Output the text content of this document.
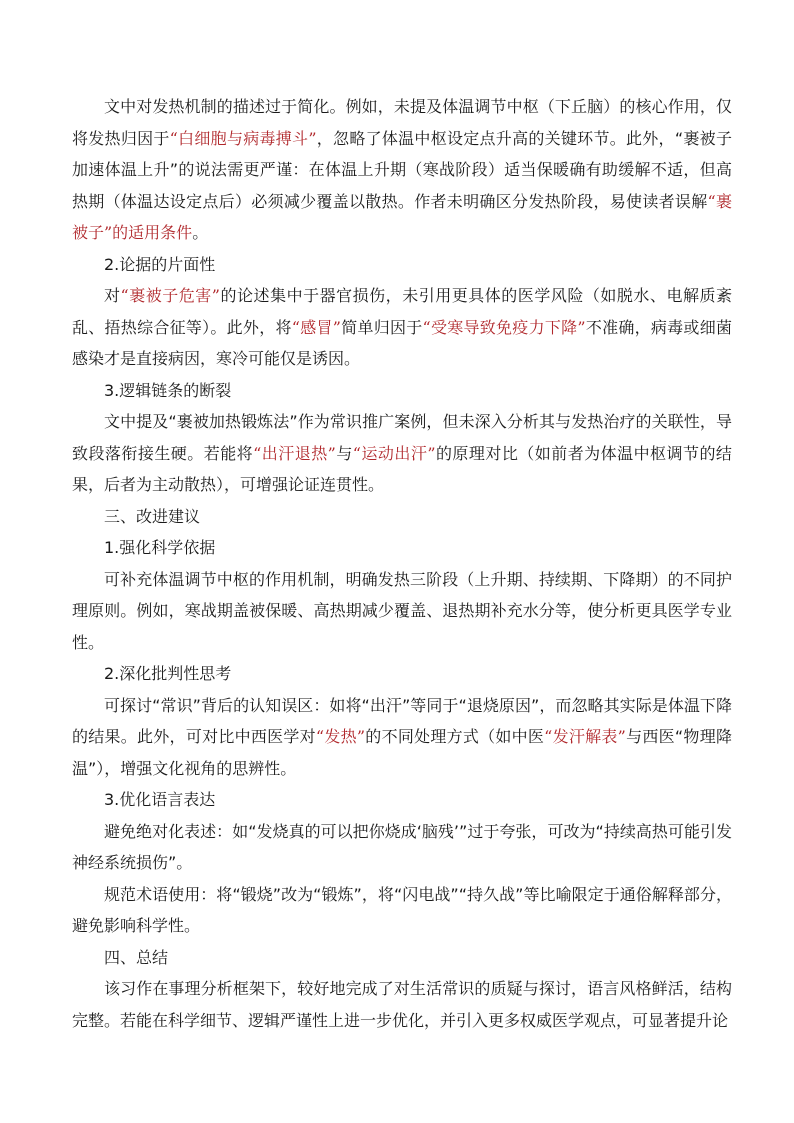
文中对发热机制的描述过于简化。例如，未提及体温调节中枢（下丘脑）的核心作用，仅将发热归因于“白细胞与病毒搏斗”，忽略了体温中枢设定点升高的关键环节。此外，“裹被子加速体温上升”的说法需更严谨：在体温上升期（寒战阶段）适当保暖确有助缓解不适，但高热期（体温达设定点后）必须减少覆盖以散热。作者未明确区分发热阶段，易使读者误解“裹被子”的适用条件。

2.论据的片面性

对“裹被子危害”的论述集中于器官损伤，未引用更具体的医学风险（如脱水、电解质紊乱、捂热综合征等）。此外，将“感冒”简单归因于“受寒导致免疫力下降”不准确，病毒或细菌感染才是直接病因，寒冷可能仅是诱因。

3.逻辑链条的断裂

文中提及“裹被加热锻炼法”作为常识推广案例，但未深入分析其与发热治疗的关联性，导致段落衔接生硬。若能将“出汗退热”与“运动出汗”的原理对比（如前者为体温中枢调节的结果，后者为主动散热），可增强论证连贯性。

三、改进建议

1.强化科学依据

可补充体温调节中枢的作用机制，明确发热三阶段（上升期、持续期、下降期）的不同护理原则。例如，寒战期盖被保暖、高热期减少覆盖、退热期补充水分等，使分析更具医学专业性。

2.深化批判性思考

可探讨“常识”背后的认知误区：如将“出汗”等同于“退烧原因”，而忽略其实际是体温下降的结果。此外，可对比中西医学对“发热”的不同处理方式（如中医“发汗解表”与西医“物理降温”），增强文化视角的思辨性。

3.优化语言表达

避免绝对化表述：如“发烧真的可以把你烧成‘脑残’”过于夸张，可改为“持续高热可能引发神经系统损伤”。

规范术语使用：将“锻烧”改为“锻炼”，将“闪电战”“持久战”等比喻限定于通俗解释部分，避免影响科学性。

四、总结

该习作在事理分析框架下，较好地完成了对生活常识的质疑与探讨，语言风格鲜活，结构完整。若能在科学细节、逻辑严谨性上进一步优化，并引入更多权威医学观点，可显著提升论
